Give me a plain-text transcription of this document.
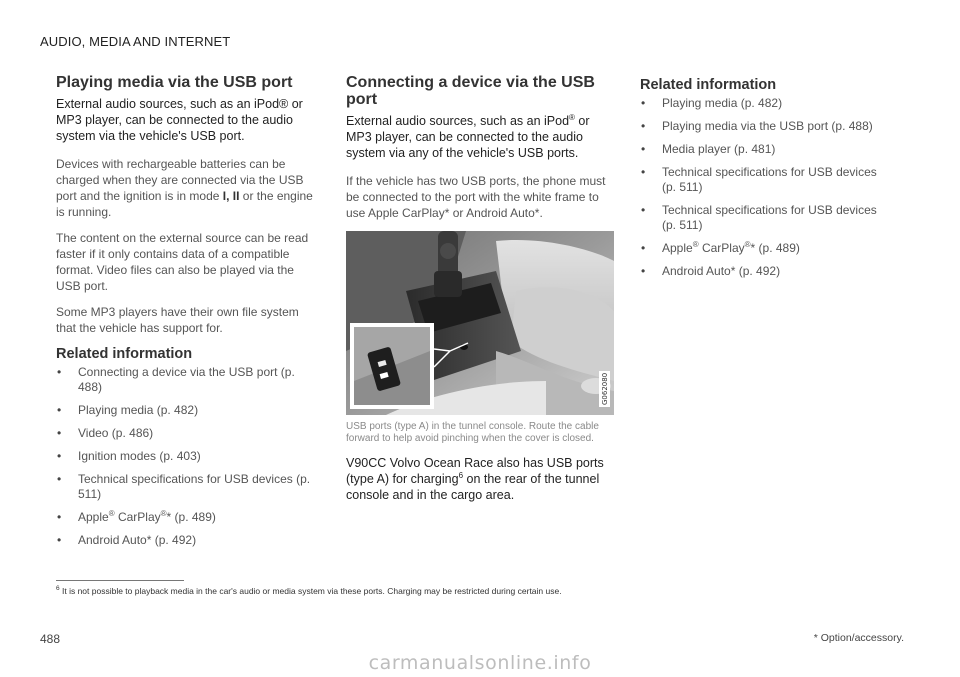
AUDIO, MEDIA AND INTERNET
Playing media via the USB port

External audio sources, such as an iPod® or MP3 player, can be connected to the audio system via the vehicle's USB port.

Devices with rechargeable batteries can be charged when they are connected via the USB port and the ignition is in mode I, II or the engine is running.

The content on the external source can be read faster if it only contains data of a compatible format. Video files can also be played via the USB port.

Some MP3 players have their own file system that the vehicle has support for.

Related information
• Connecting a device via the USB port (p. 488)
• Playing media (p. 482)
• Video (p. 486)
• Ignition modes (p. 403)
• Technical specifications for USB devices (p. 511)
• Apple® CarPlay®* (p. 489)
• Android Auto* (p. 492)
Connecting a device via the USB port

External audio sources, such as an iPod® or MP3 player, can be connected to the audio system via any of the vehicle's USB ports.

If the vehicle has two USB ports, the phone must be connected to the port with the white frame to use Apple CarPlay* or Android Auto*.

G062080

USB ports (type A) in the tunnel console. Route the cable forward to help avoid pinching when the cover is closed.

V90CC Volvo Ocean Race also has USB ports (type A) for charging$^6$ on the rear of the tunnel console and in the cargo area.

Related information
• Playing media (p. 482)
• Playing media via the USB port (p. 488)
• Media player (p. 481)
• Technical specifications for USB devices (p. 511)
• Technical specifications for USB devices (p. 511)
• Apple® CarPlay®* (p. 489)
• Android Auto* (p. 492)
$^6$ It is not possible to playback media in the car's audio or media system via these ports. Charging may be restricted during certain use.
* Option/accessory.
488
carmanualsonline.info
